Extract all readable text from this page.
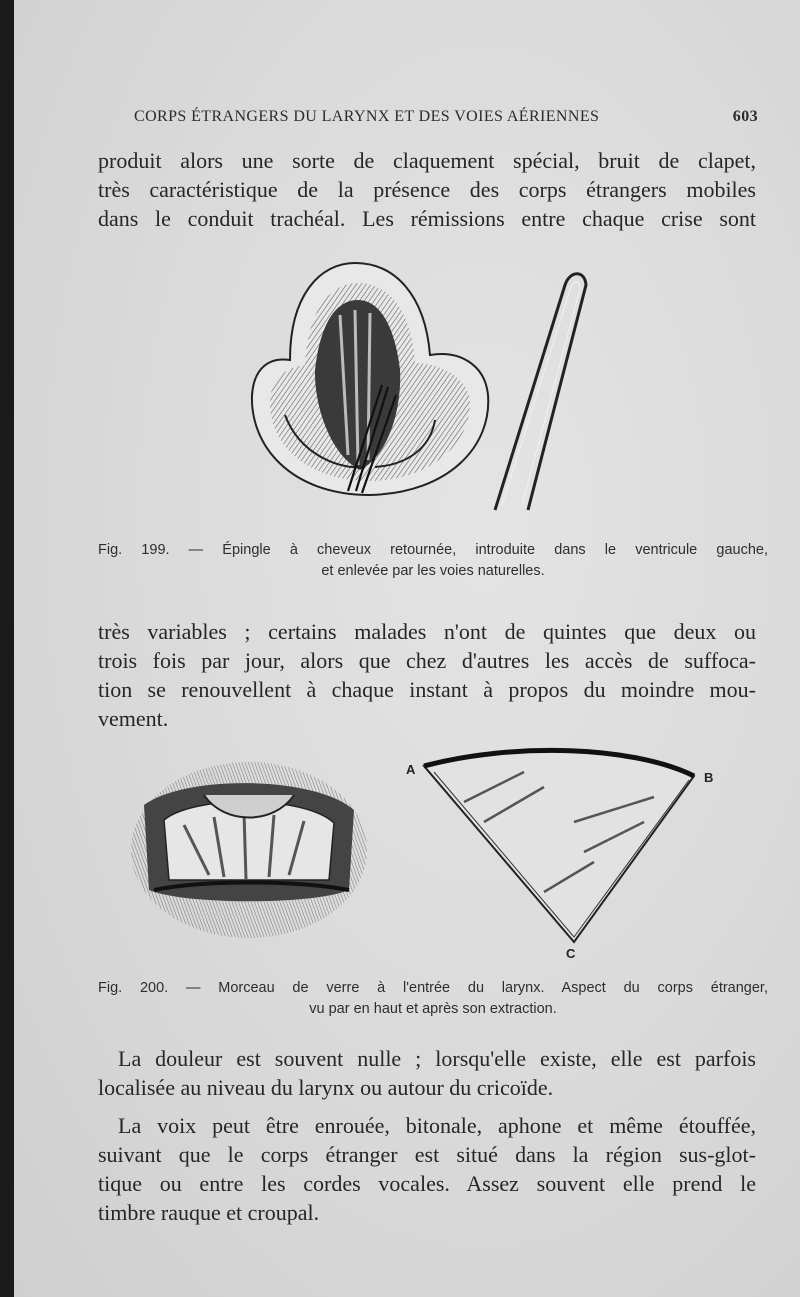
CORPS ÉTRANGERS DU LARYNX ET DES VOIES AÉRIENNES	603
produit alors une sorte de claquement spécial, bruit de clapet,
très caractéristique de la présence des corps étrangers mobiles
dans le conduit trachéal. Les rémissions entre chaque crise sont
Fig. 199. — Épingle à cheveux retournée, introduite dans le ventricule gauche,
et enlevée par les voies naturelles.
très variables ; certains malades n'ont de quintes que deux ou
trois fois par jour, alors que chez d'autres les accès de suffoca-
tion se renouvellent à chaque instant à propos du moindre mou-
vement.
A
B
C
Fig. 200. — Morceau de verre à l'entrée du larynx. Aspect du corps étranger,
vu par en haut et après son extraction.
La douleur est souvent nulle ; lorsqu'elle existe, elle est parfois
localisée au niveau du larynx ou autour du cricoïde.
La voix peut être enrouée, bitonale, aphone et même étouffée,
suivant que le corps étranger est situé dans la région sus-glot-
tique ou entre les cordes vocales. Assez souvent elle prend le
timbre rauque et croupal.
